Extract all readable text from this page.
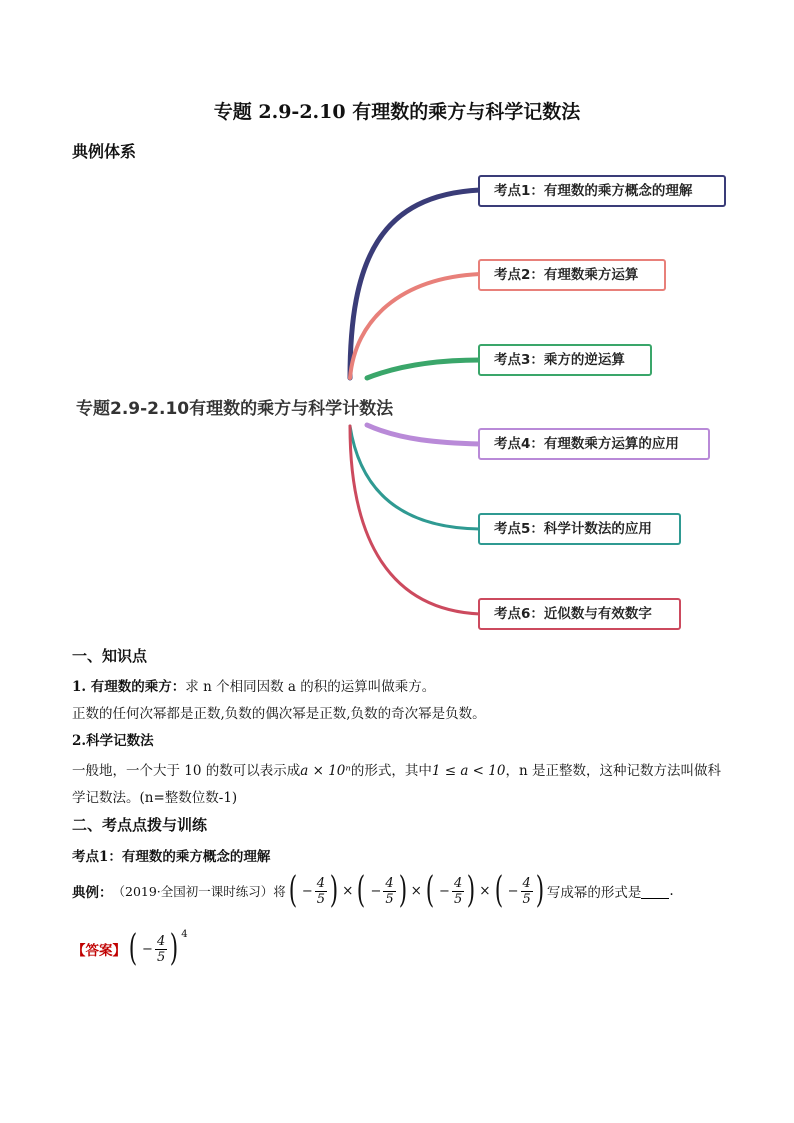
专题 2.9-2.10 有理数的乘方与科学记数法
典例体系
专题2.9-2.10有理数的乘方与科学计数法
考点1：有理数的乘方概念的理解
考点2：有理数乘方运算
考点3：乘方的逆运算
考点4：有理数乘方运算的应用
考点5：科学计数法的应用
考点6：近似数与有效数字
一、知识点
1. 有理数的乘方：求 n 个相同因数 a 的积的运算叫做乘方。
正数的任何次幂都是正数,负数的偶次幂是正数,负数的奇次幂是负数。
2.科学记数法
一般地，一个大于 10 的数可以表示成a × 10ⁿ的形式，其中1 ≤ a < 10，n 是正整数，这种记数方法叫做科
学记数法。(n=整数位数-1)
二、考点点拨与训练
考点1：有理数的乘方概念的理解
典例： （2019·全国初一课时练习）将 ( − $\frac{4}{5}$ ) × ( − $\frac{4}{5}$ ) × ( − $\frac{4}{5}$ ) × ( − $\frac{4}{5}$ ) 写成幂的形式是 .
【答案】 ( − $\frac{4}{5}$ ) $^4$
